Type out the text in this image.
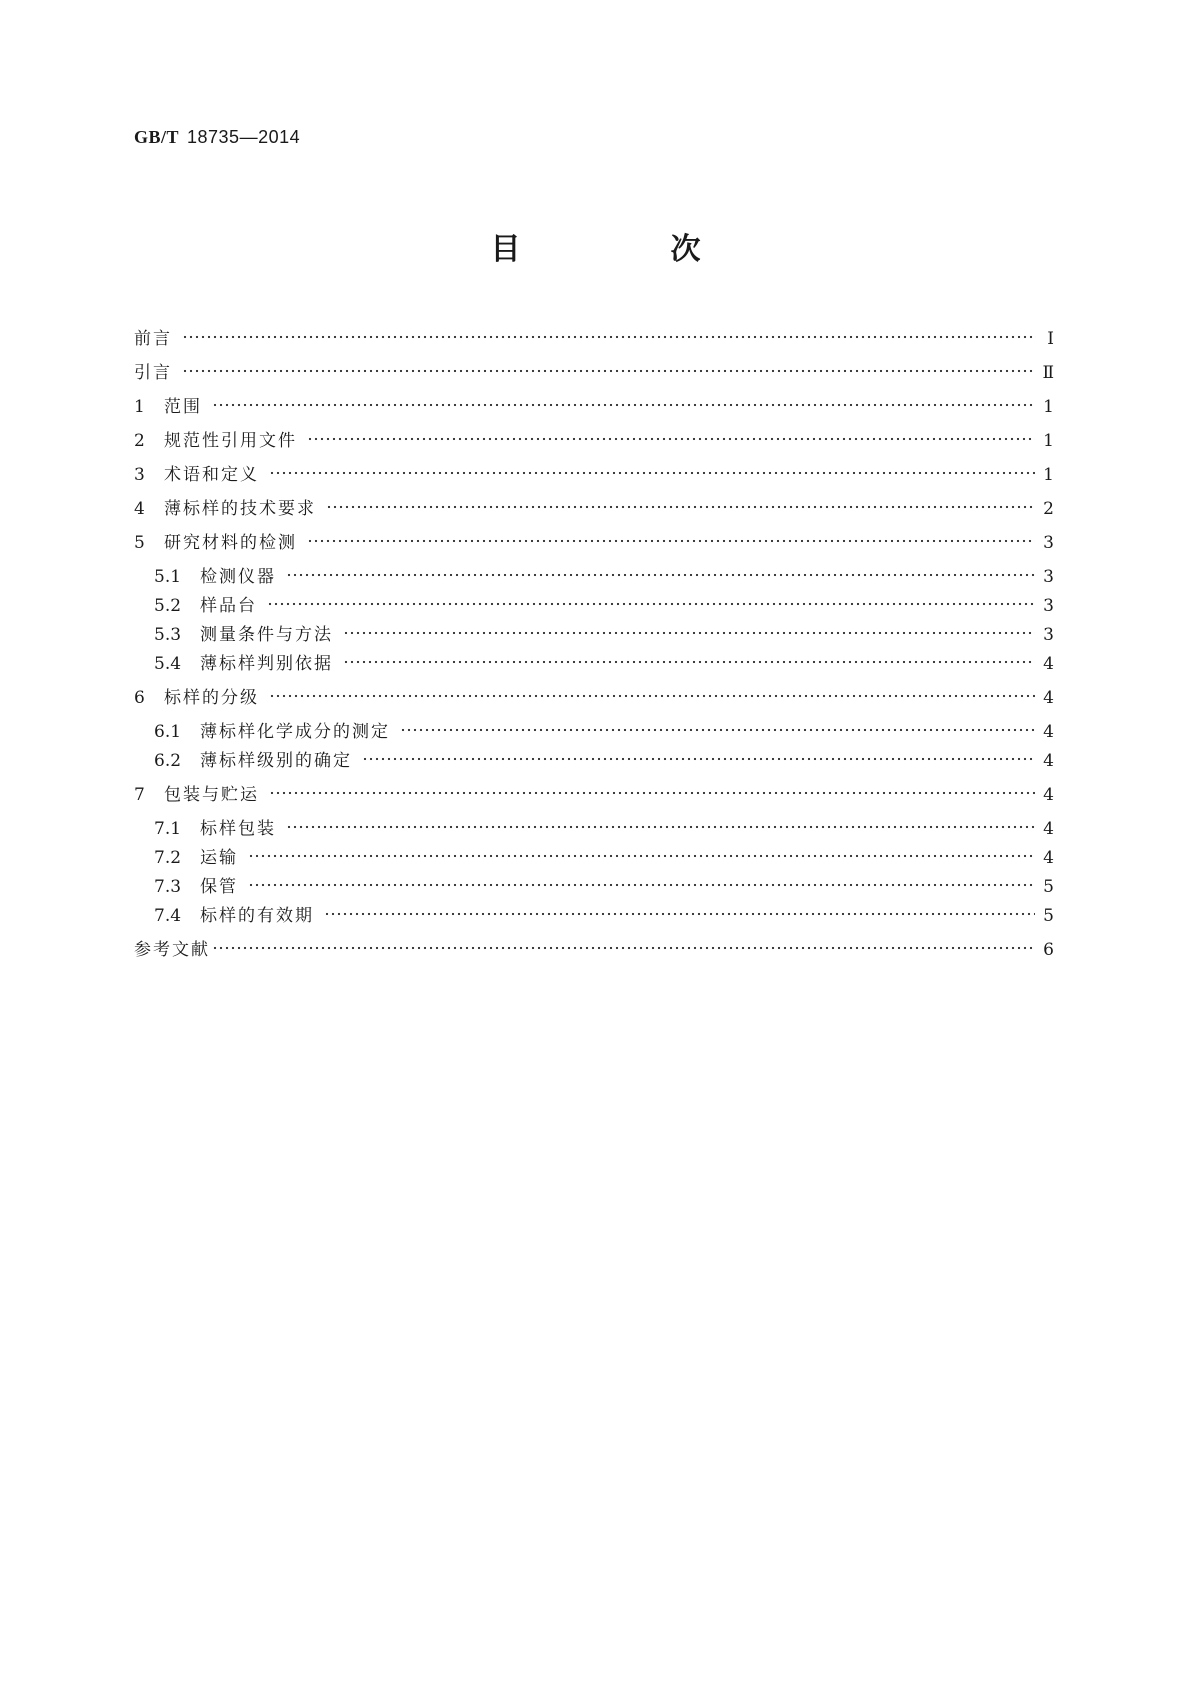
GB/T 18735—2014
目　次
前言	Ⅰ
引言	Ⅱ
1	范围	1
2	规范性引用文件	1
3	术语和定义	1
4	薄标样的技术要求	2
5	研究材料的检测	3
5.1	检测仪器	3
5.2	样品台	3
5.3	测量条件与方法	3
5.4	薄标样判别依据	4
6	标样的分级	4
6.1	薄标样化学成分的测定	4
6.2	薄标样级别的确定	4
7	包装与贮运	4
7.1	标样包装	4
7.2	运输	4
7.3	保管	5
7.4	标样的有效期	5
参考文献	6
